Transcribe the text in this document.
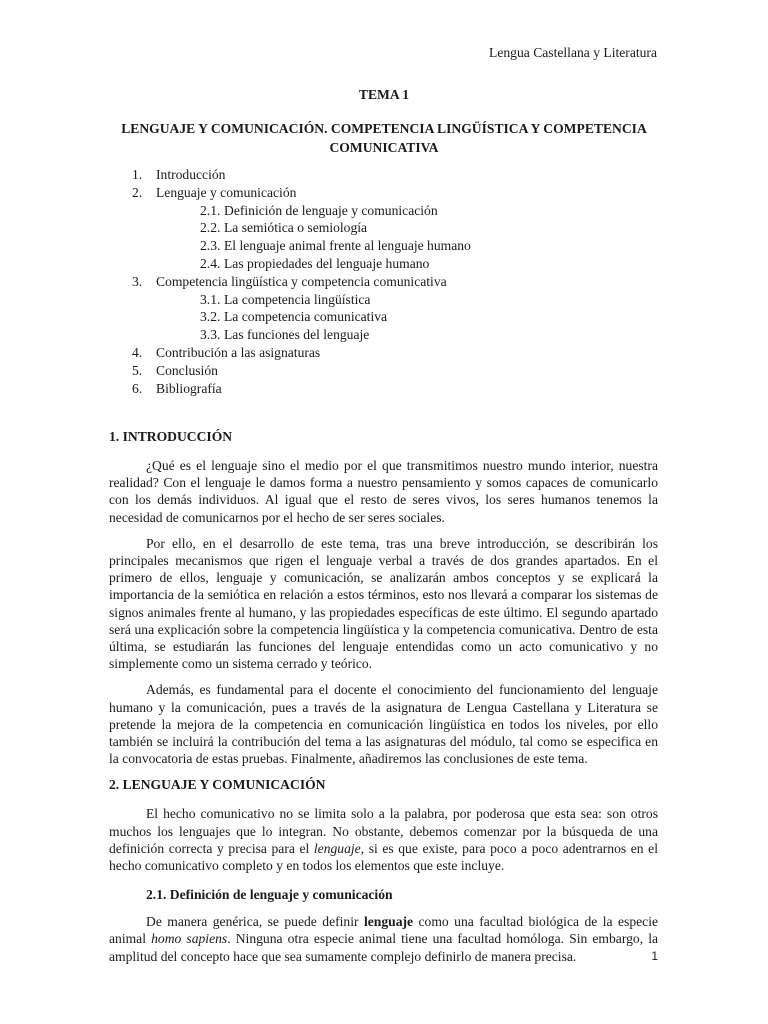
Lengua Castellana y Literatura
TEMA 1
LENGUAJE Y COMUNICACIÓN. COMPETENCIA LINGÜÍSTICA Y COMPETENCIA COMUNICATIVA
1. Introducción
2. Lenguaje y comunicación
2.1. Definición de lenguaje y comunicación
2.2. La semiótica o semiología
2.3. El lenguaje animal frente al lenguaje humano
2.4. Las propiedades del lenguaje humano
3. Competencia lingüística y competencia comunicativa
3.1. La competencia lingüística
3.2. La competencia comunicativa
3.3. Las funciones del lenguaje
4. Contribución a las asignaturas
5. Conclusión
6. Bibliografía
1. INTRODUCCIÓN

¿Qué es el lenguaje sino el medio por el que transmitimos nuestro mundo interior, nuestra realidad? Con el lenguaje le damos forma a nuestro pensamiento y somos capaces de comunicarlo con los demás individuos. Al igual que el resto de seres vivos, los seres humanos tenemos la necesidad de comunicarnos por el hecho de ser seres sociales.

Por ello, en el desarrollo de este tema, tras una breve introducción, se describirán los principales mecanismos que rigen el lenguaje verbal a través de dos grandes apartados. En el primero de ellos, lenguaje y comunicación, se analizarán ambos conceptos y se explicará la importancia de la semiótica en relación a estos términos, esto nos llevará a comparar los sistemas de signos animales frente al humano, y las propiedades específicas de este último. El segundo apartado será una explicación sobre la competencia lingüística y la competencia comunicativa. Dentro de esta última, se estudiarán las funciones del lenguaje entendidas como un acto comunicativo y no simplemente como un sistema cerrado y teórico.

Además, es fundamental para el docente el conocimiento del funcionamiento del lenguaje humano y la comunicación, pues a través de la asignatura de Lengua Castellana y Literatura se pretende la mejora de la competencia en comunicación lingüística en todos los niveles, por ello también se incluirá la contribución del tema a las asignaturas del módulo, tal como se especifica en la convocatoria de estas pruebas. Finalmente, añadiremos las conclusiones de este tema.

2. LENGUAJE Y COMUNICACIÓN

El hecho comunicativo no se limita solo a la palabra, por poderosa que esta sea: son otros muchos los lenguajes que lo integran. No obstante, debemos comenzar por la búsqueda de una definición correcta y precisa para el lenguaje, si es que existe, para poco a poco adentrarnos en el hecho comunicativo completo y en todos los elementos que este incluye.

2.1. Definición de lenguaje y comunicación

De manera genérica, se puede definir lenguaje como una facultad biológica de la especie animal homo sapiens. Ninguna otra especie animal tiene una facultad homóloga. Sin embargo, la amplitud del concepto hace que sea sumamente complejo definirlo de manera precisa.	1
